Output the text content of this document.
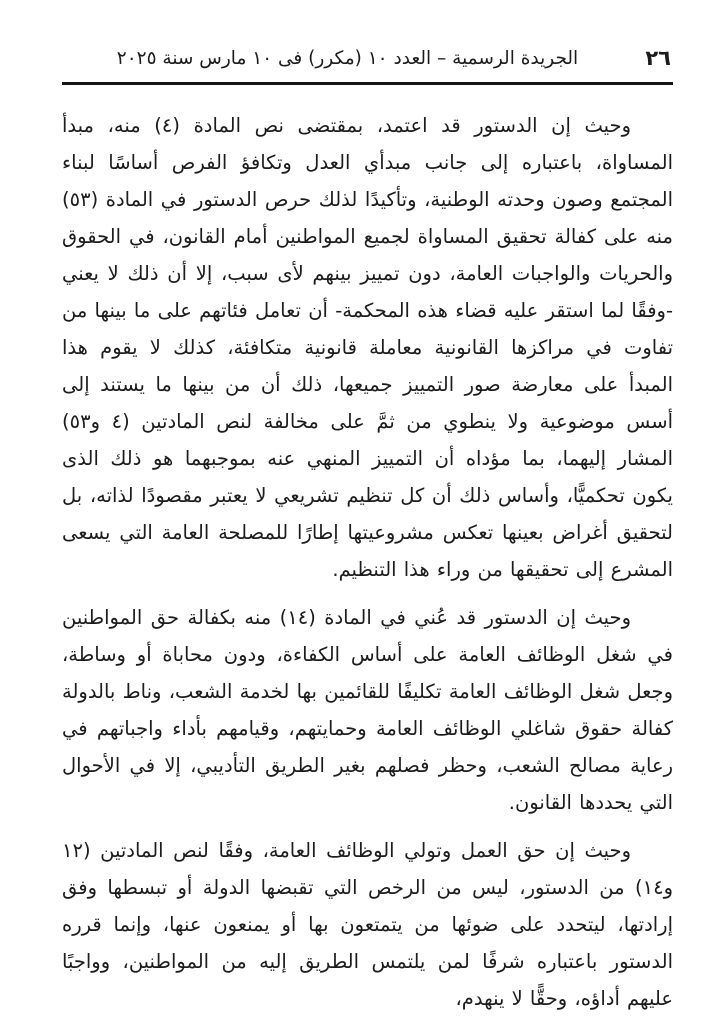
٢٦
الجريدة الرسمية – العدد ١٠ (مكرر) فى ١٠ مارس سنة ٢٠٢٥

وحيث إن الدستور قد اعتمد، بمقتضى نص المادة (٤) منه، مبدأ المساواة، باعتباره إلى جانب مبدأي العدل وتكافؤ الفرص أساسًا لبناء المجتمع وصون وحدته الوطنية، وتأكيدًا لذلك حرص الدستور في المادة (٥٣) منه على كفالة تحقيق المساواة لجميع المواطنين أمام القانون، في الحقوق والحريات والواجبات العامة، دون تمييز بينهم لأى سبب، إلا أن ذلك لا يعني -وفقًا لما استقر عليه قضاء هذه المحكمة- أن تعامل فئاتهم على ما بينها من تفاوت في مراكزها القانونية معاملة قانونية متكافئة، كذلك لا يقوم هذا المبدأ على معارضة صور التمييز جميعها، ذلك أن من بينها ما يستند إلى أسس موضوعية ولا ينطوي من ثمَّ على مخالفة لنص المادتين (٤ و٥٣) المشار إليهما، بما مؤداه أن التمييز المنهي عنه بموجبهما هو ذلك الذى يكون تحكميًّا، وأساس ذلك أن كل تنظيم تشريعي لا يعتبر مقصودًا لذاته، بل لتحقيق أغراض بعينها تعكس مشروعيتها إطارًا للمصلحة العامة التي يسعى المشرع إلى تحقيقها من وراء هذا التنظيم.

وحيث إن الدستور قد عُني في المادة (١٤) منه بكفالة حق المواطنين في شغل الوظائف العامة على أساس الكفاءة، ودون محاباة أو وساطة، وجعل شغل الوظائف العامة تكليفًا للقائمين بها لخدمة الشعب، وناط بالدولة كفالة حقوق شاغلي الوظائف العامة وحمايتهم، وقيامهم بأداء واجباتهم في رعاية مصالح الشعب، وحظر فصلهم بغير الطريق التأديبي، إلا في الأحوال التي يحددها القانون.

وحيث إن حق العمل وتولي الوظائف العامة، وفقًا لنص المادتين (١٢ و١٤) من الدستور، ليس من الرخص التي تقبضها الدولة أو تبسطها وفق إرادتها، ليتحدد على ضوئها من يتمتعون بها أو يمنعون عنها، وإنما قرره الدستور باعتباره شرفًا لمن يلتمس الطريق إليه من المواطنين، وواجبًا عليهم أداؤه، وحقًّا لا ينهدم،
